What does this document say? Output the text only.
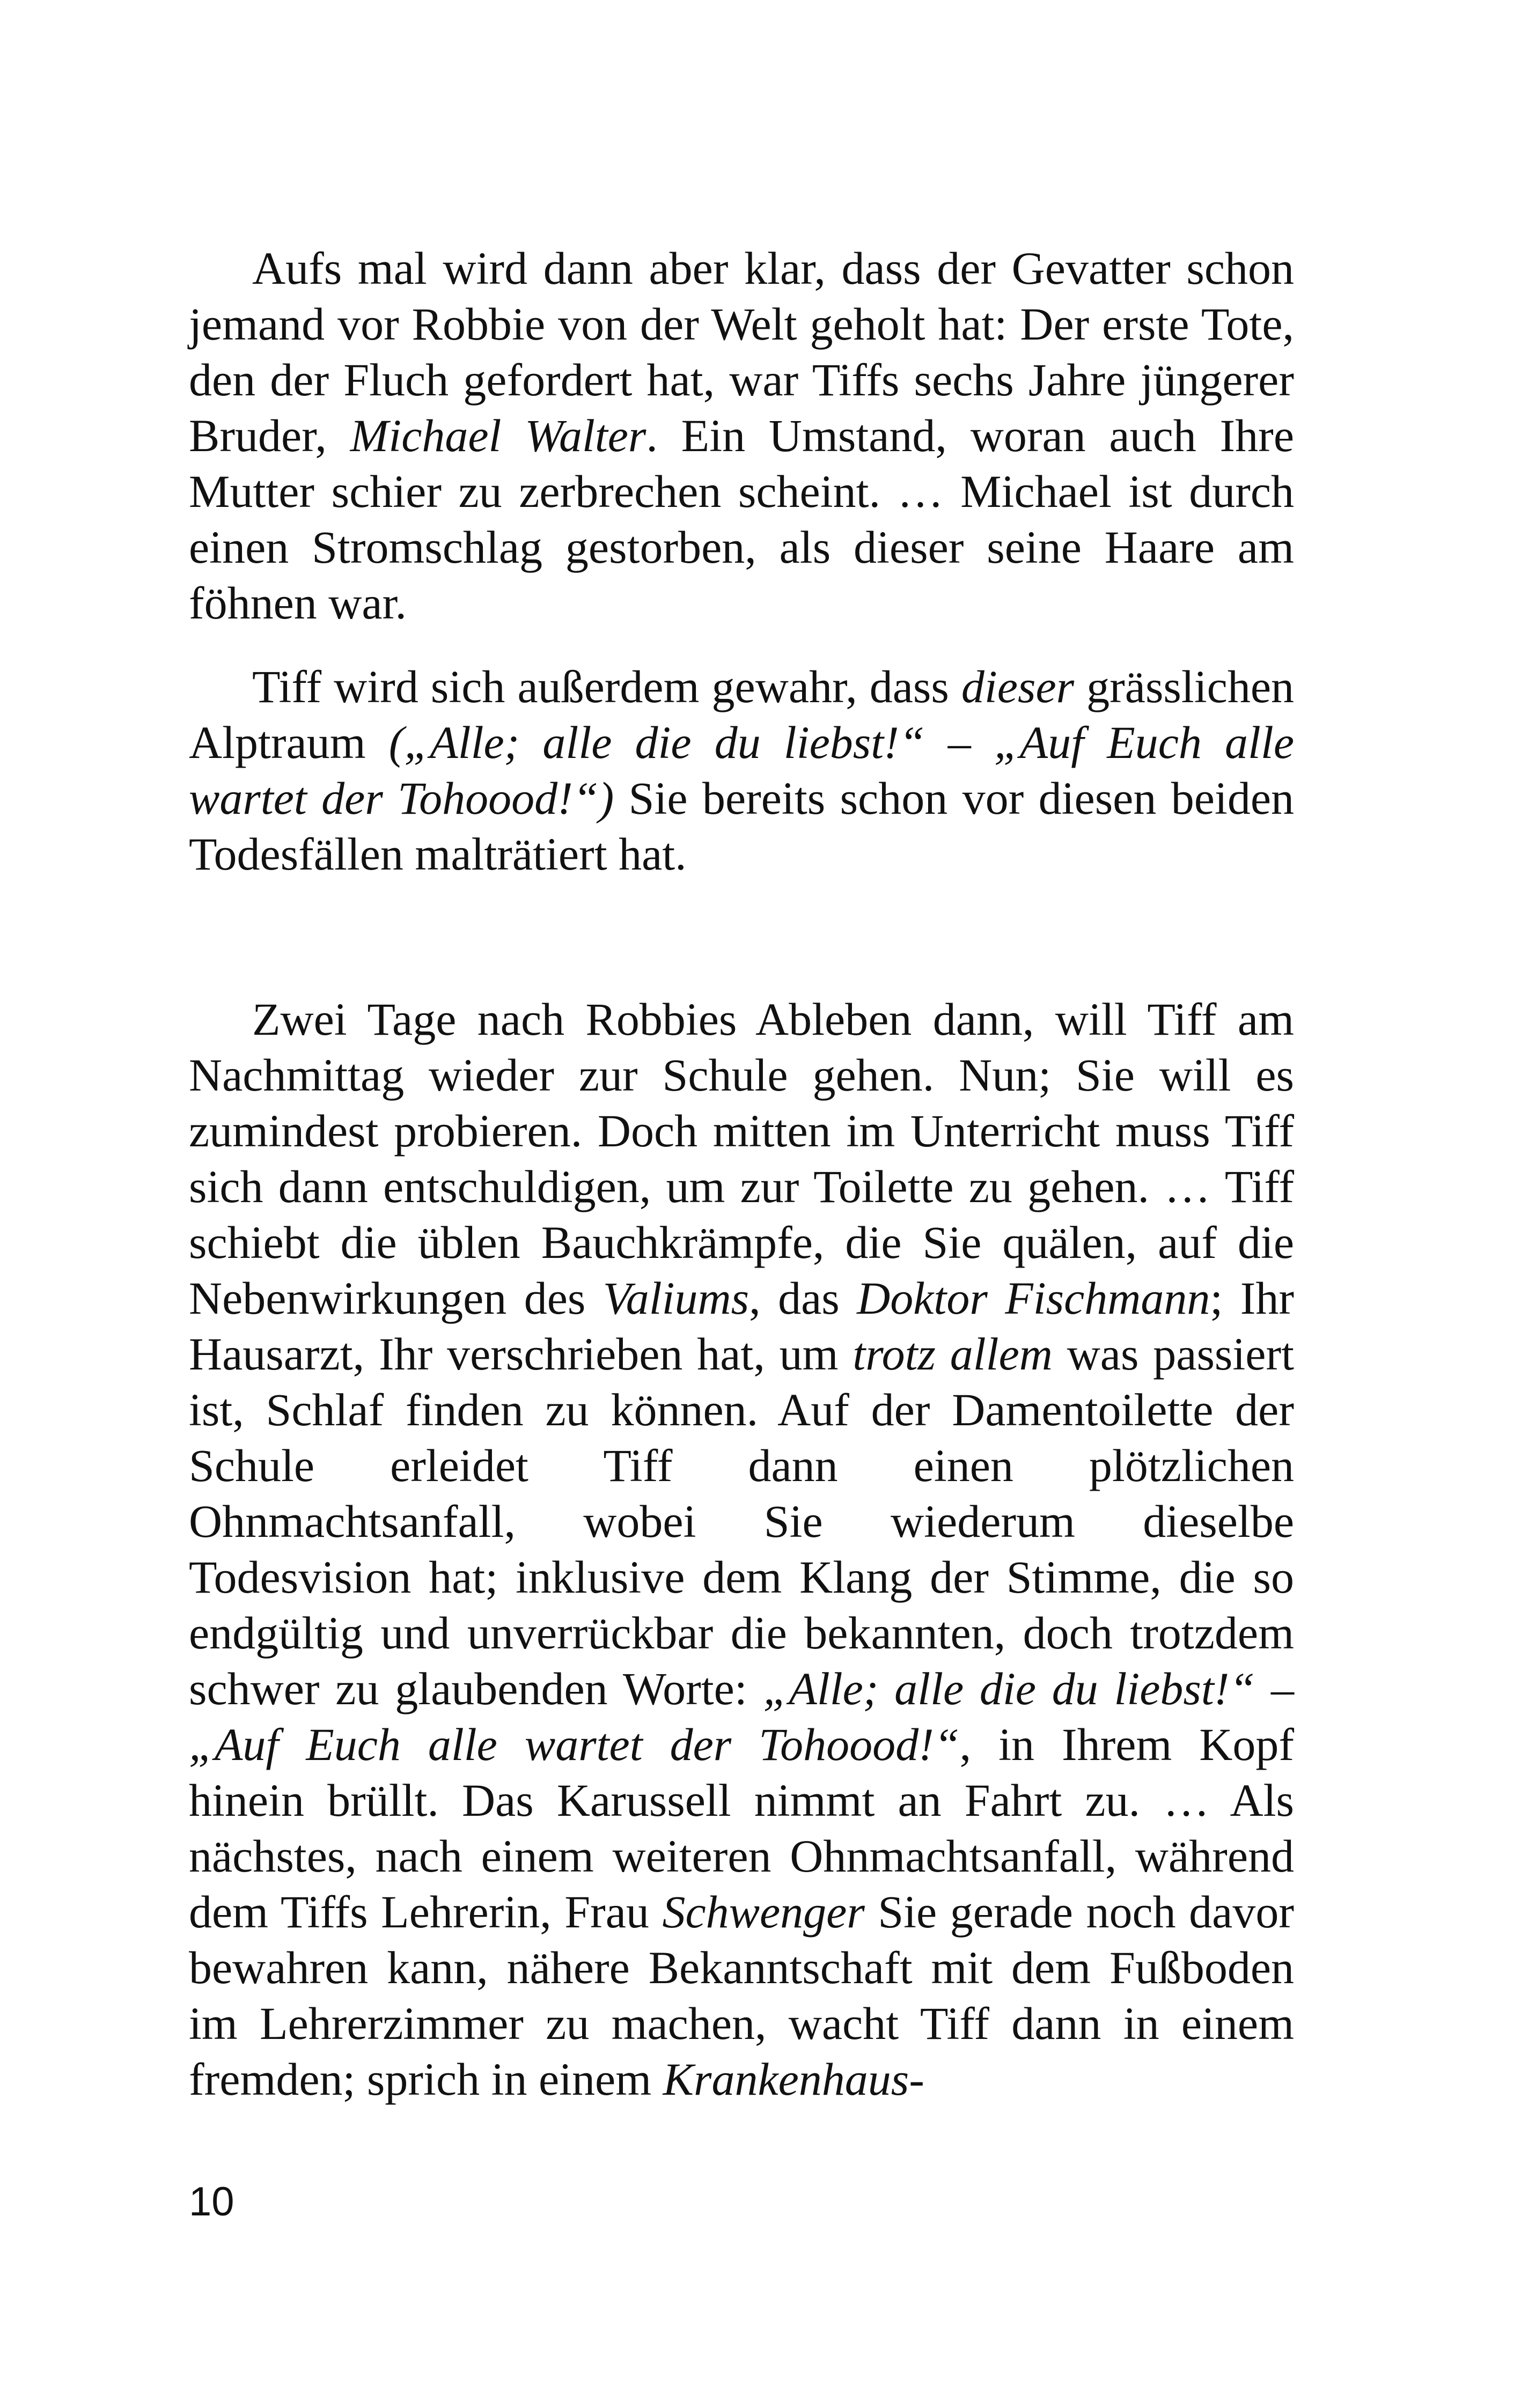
Aufs mal wird dann aber klar, dass der Gevatter schon jemand vor Robbie von der Welt geholt hat: Der erste Tote, den der Fluch gefordert hat, war Tiffs sechs Jahre jüngerer Bruder, Michael Walter. Ein Umstand, woran auch Ihre Mutter schier zu zerbrechen scheint. … Michael ist durch einen Stromschlag gestorben, als dieser seine Haare am föhnen war.

Tiff wird sich außerdem gewahr, dass dieser grässlichen Alptraum („Alle; alle die du liebst!“ – „Auf Euch alle wartet der Tohoood!“) Sie bereits schon vor diesen beiden Todesfällen malträtiert hat.

Zwei Tage nach Robbies Ableben dann, will Tiff am Nachmittag wieder zur Schule gehen. Nun; Sie will es zumindest probieren. Doch mitten im Unterricht muss Tiff sich dann entschuldigen, um zur Toilette zu gehen. … Tiff schiebt die üblen Bauchkrämpfe, die Sie quälen, auf die Nebenwirkungen des Valiums, das Doktor Fischmann; Ihr Hausarzt, Ihr verschrieben hat, um trotz allem was passiert ist, Schlaf finden zu können. Auf der Damentoilette der Schule erleidet Tiff dann einen plötzlichen Ohnmachtsanfall, wobei Sie wiederum dieselbe Todesvision hat; inklusive dem Klang der Stimme, die so endgültig und unverrückbar die bekannten, doch trotzdem schwer zu glaubenden Worte: „Alle; alle die du liebst!“ – „Auf Euch alle wartet der Tohoood!“, in Ihrem Kopf hinein brüllt. Das Karussell nimmt an Fahrt zu. … Als nächstes, nach einem weiteren Ohnmachtsanfall, während dem Tiffs Lehrerin, Frau Schwenger Sie gerade noch davor bewahren kann, nähere Bekanntschaft mit dem Fußboden im Lehrerzimmer zu machen, wacht Tiff dann in einem fremden; sprich in einem Krankenhaus-

10
